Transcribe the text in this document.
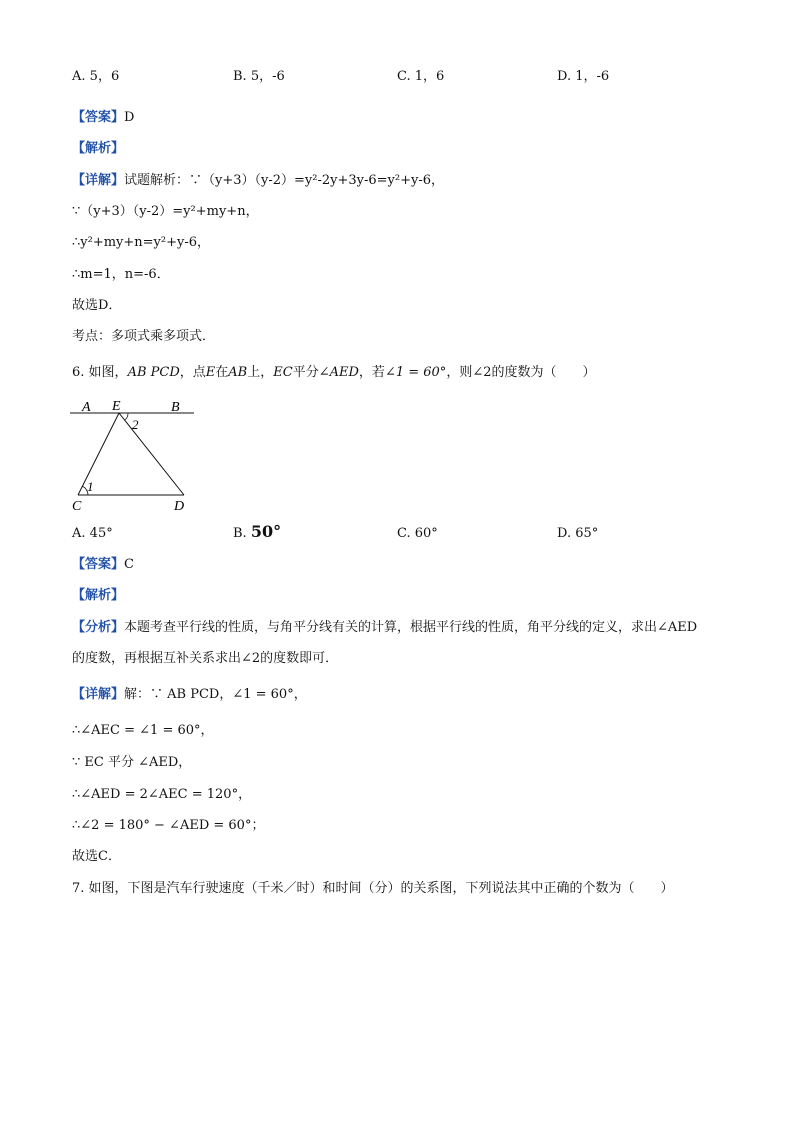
A. 5，6	B. 5，-6	C. 1，6	D. 1，-6
【答案】D
【解析】
【详解】试题解析：∵（y+3）（y-2）=y²-2y+3y-6=y²+y-6，
∵（y+3）（y-2）=y²+my+n，
∴y²+my+n=y²+y-6，
∴m=1，n=-6．
故选D．
考点：多项式乘多项式．
6. 如图，AB PCD，点E在AB上，EC平分∠AED，若∠1 = 60°，则∠2的度数为（　　）
A E	B
2
1
C	D
A. 45°	B. 50°	C. 60°	D. 65°
【答案】C
【解析】
【分析】本题考查平行线的性质，与角平分线有关的计算，根据平行线的性质，角平分线的定义，求出∠AED
的度数，再根据互补关系求出∠2的度数即可．
【详解】解：∵ AB PCD，∠1 = 60°，
∴∠AEC = ∠1 = 60°，
∵ EC 平分 ∠AED，
∴∠AED = 2∠AEC = 120°，
∴∠2 = 180° − ∠AED = 60°；
故选C．
7. 如图，下图是汽车行驶速度（千米／时）和时间（分）的关系图，下列说法其中正确的个数为（　　）
